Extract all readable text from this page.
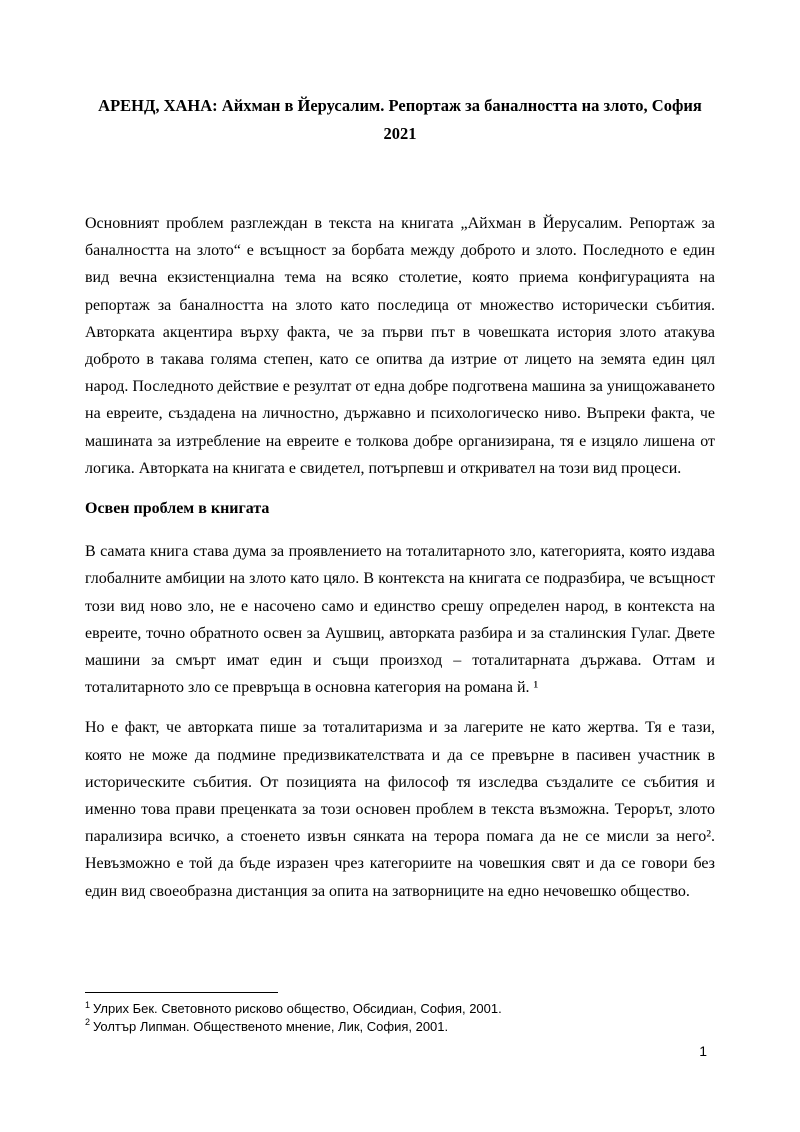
АРЕНД, ХАНА: Айхман в Йерусалим. Репортаж за баналността на злото, София
2021

Основният проблем разглеждан в текста на книгата „Айхман в Йерусалим. Репортаж за баналността на злото“ е всъщност за борбата между доброто и злото. Последното е един вид вечна екзистенциална тема на всяко столетие, която приема конфигурацията на репортаж за баналността на злото като последица от множество исторически събития. Авторката акцентира върху факта, че за първи път в човешката история злото атакува доброто в такава голяма степен, като се опитва да изтрие от лицето на земята един цял народ. Последното действие е резултат от една добре подготвена машина за унищожаването на евреите, създадена на личностно, държавно и психологическо ниво. Въпреки факта, че машината за изтребление на евреите е толкова добре организирана, тя е изцяло лишена от логика. Авторката на книгата е свидетел, потърпевш и откривател на този вид процеси.

Освен проблем в книгата

В самата книга става дума за проявлението на тоталитарното зло, категорията, която издава глобалните амбиции на злото като цяло. В контекста на книгата се подразбира, че всъщност този вид ново зло, не е насочено само и единство срешу определен народ, в контекста на евреите, точно обратното освен за Аушвиц, авторката разбира и за сталинския Гулаг. Двете машини за смърт имат един и същи произход – тоталитарната държава. Оттам и тоталитарното зло се превръща в основна категория на романа й. ¹

Но е факт, че авторката пише за тоталитаризма и за лагерите не като жертва. Тя е тази, която не може да подмине предизвикателствата и да се превърне в пасивен участник в историческите събития. От позицията на философ тя изследва създалите се събития и именно това прави преценката за този основен проблем в текста възможна. Терорът, злото парализира всичко, а стоенето извън сянката на терора помага да не се мисли за него². Невъзможно е той да бъде изразен чрез категориите на човешкия свят и да се говори без един вид своеобразна дистанция за опита на затворниците на едно нечовешко общество.

$^1$ Улрих Бек. Световното рисково общество, Обсидиан, София, 2001.
$^2$ Уолтър Липман. Общественото мнение, Лик, София, 2001.
1
